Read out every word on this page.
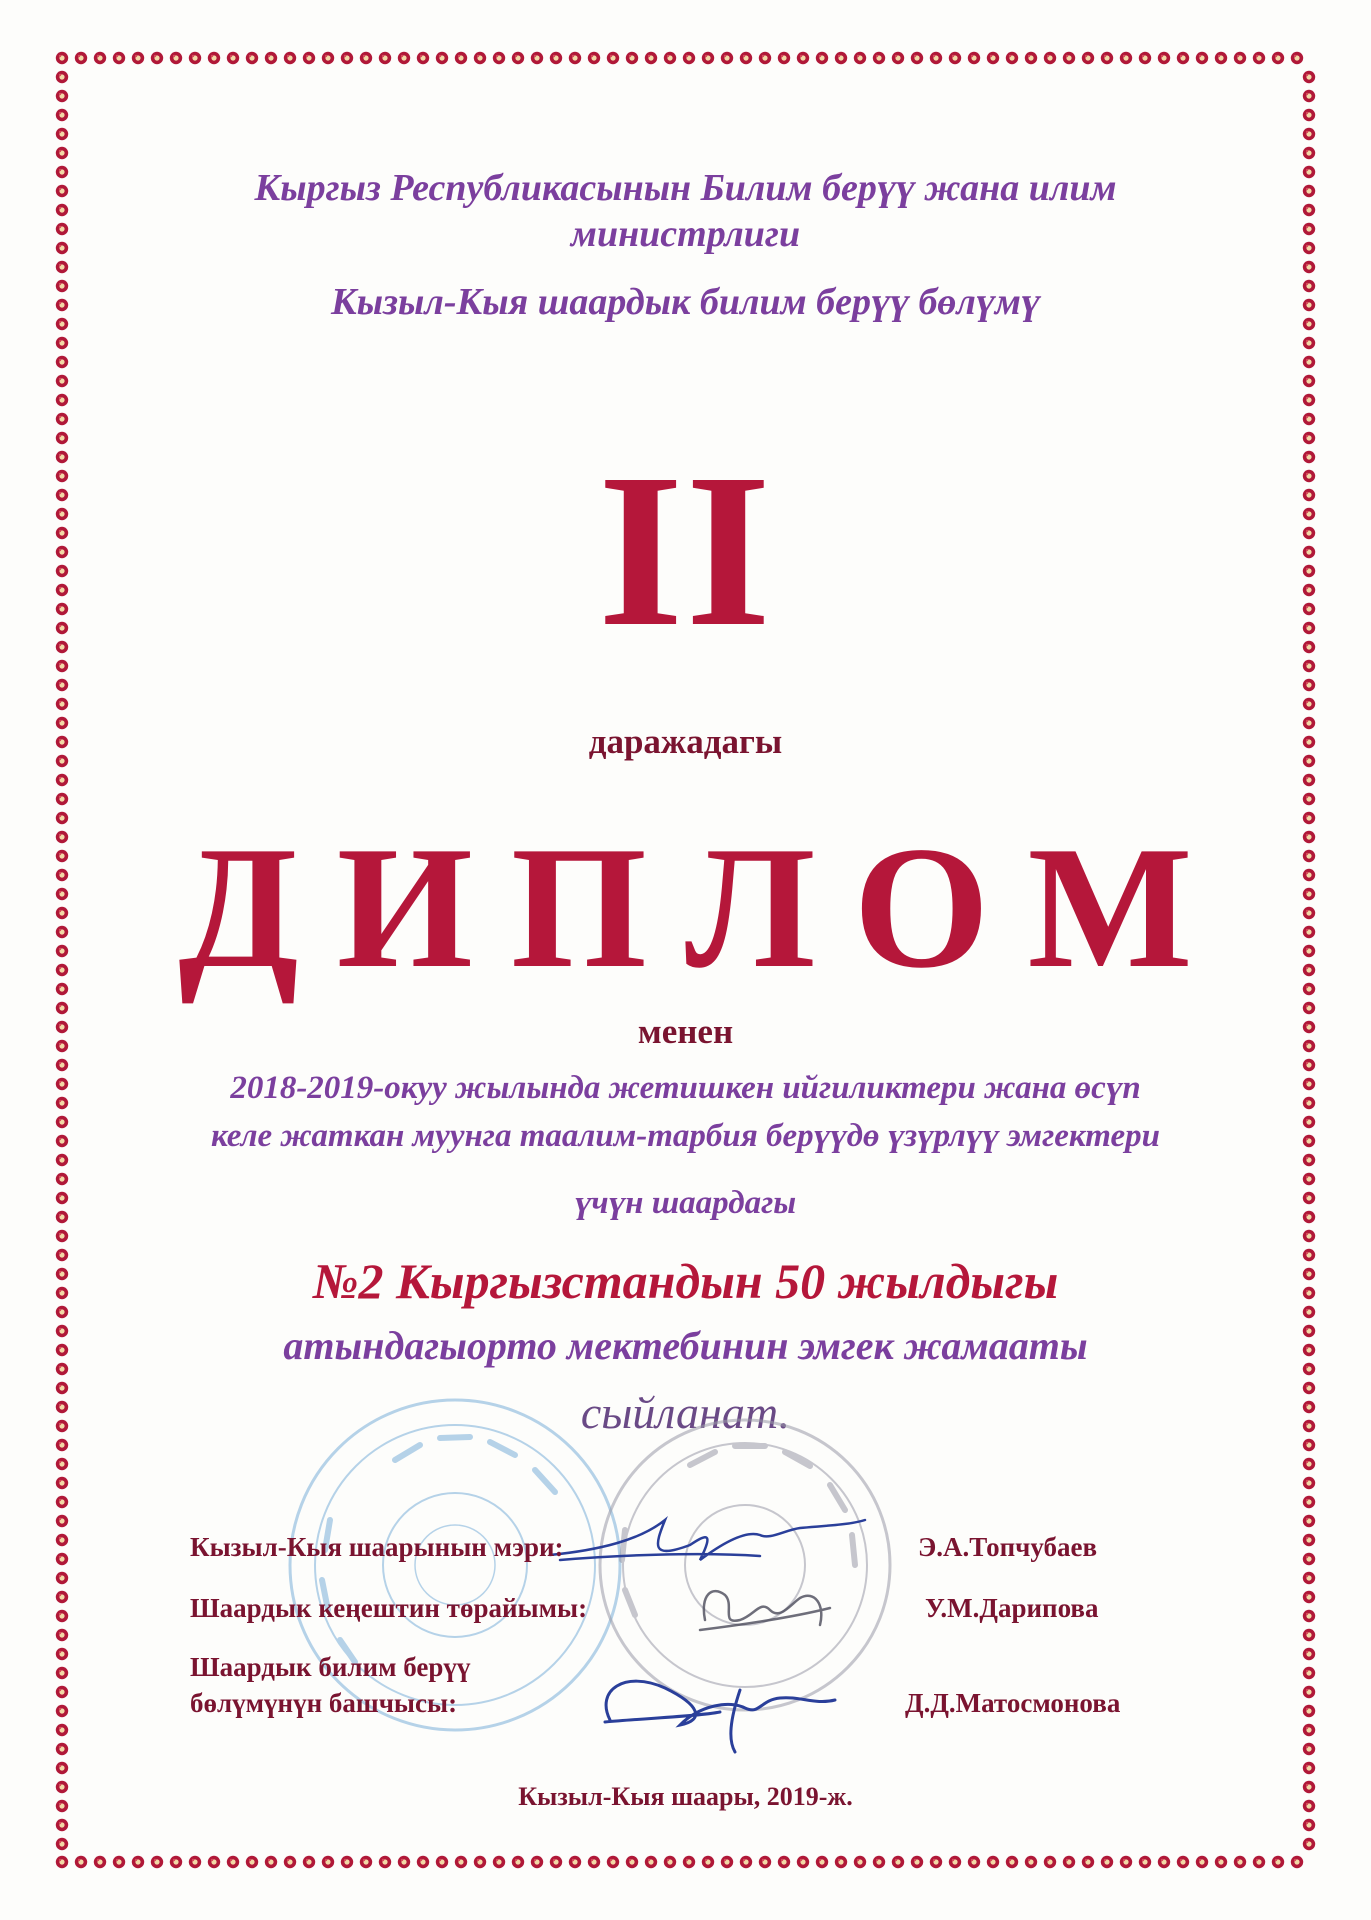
Кыргыз Республикасынын Билим берүү жана илим
министрлиги
Кызыл-Кыя шаардык билим берүү бөлүмү
II
даражадагы
ДИПЛОМ
менен
2018-2019-окуу жылында жетишкен ийгиликтери жана өсүп
келе жаткан муунга таалим-тарбия берүүдө үзүрлүү эмгектери
үчүн шаардагы
№2 Кыргызстандын 50 жылдыгы
атындагыорто мектебинин эмгек жамааты
сыйланат.
Кызыл-Кыя шаарынын мэри:	Э.А.Топчубаев
Шаардык кеңештин төрайымы:	У.М.Дарипова
Шаардык билим берүү
бөлүмүнүн башчысы:	Д.Д.Матосмонова
Кызыл-Кыя шаары, 2019-ж.
